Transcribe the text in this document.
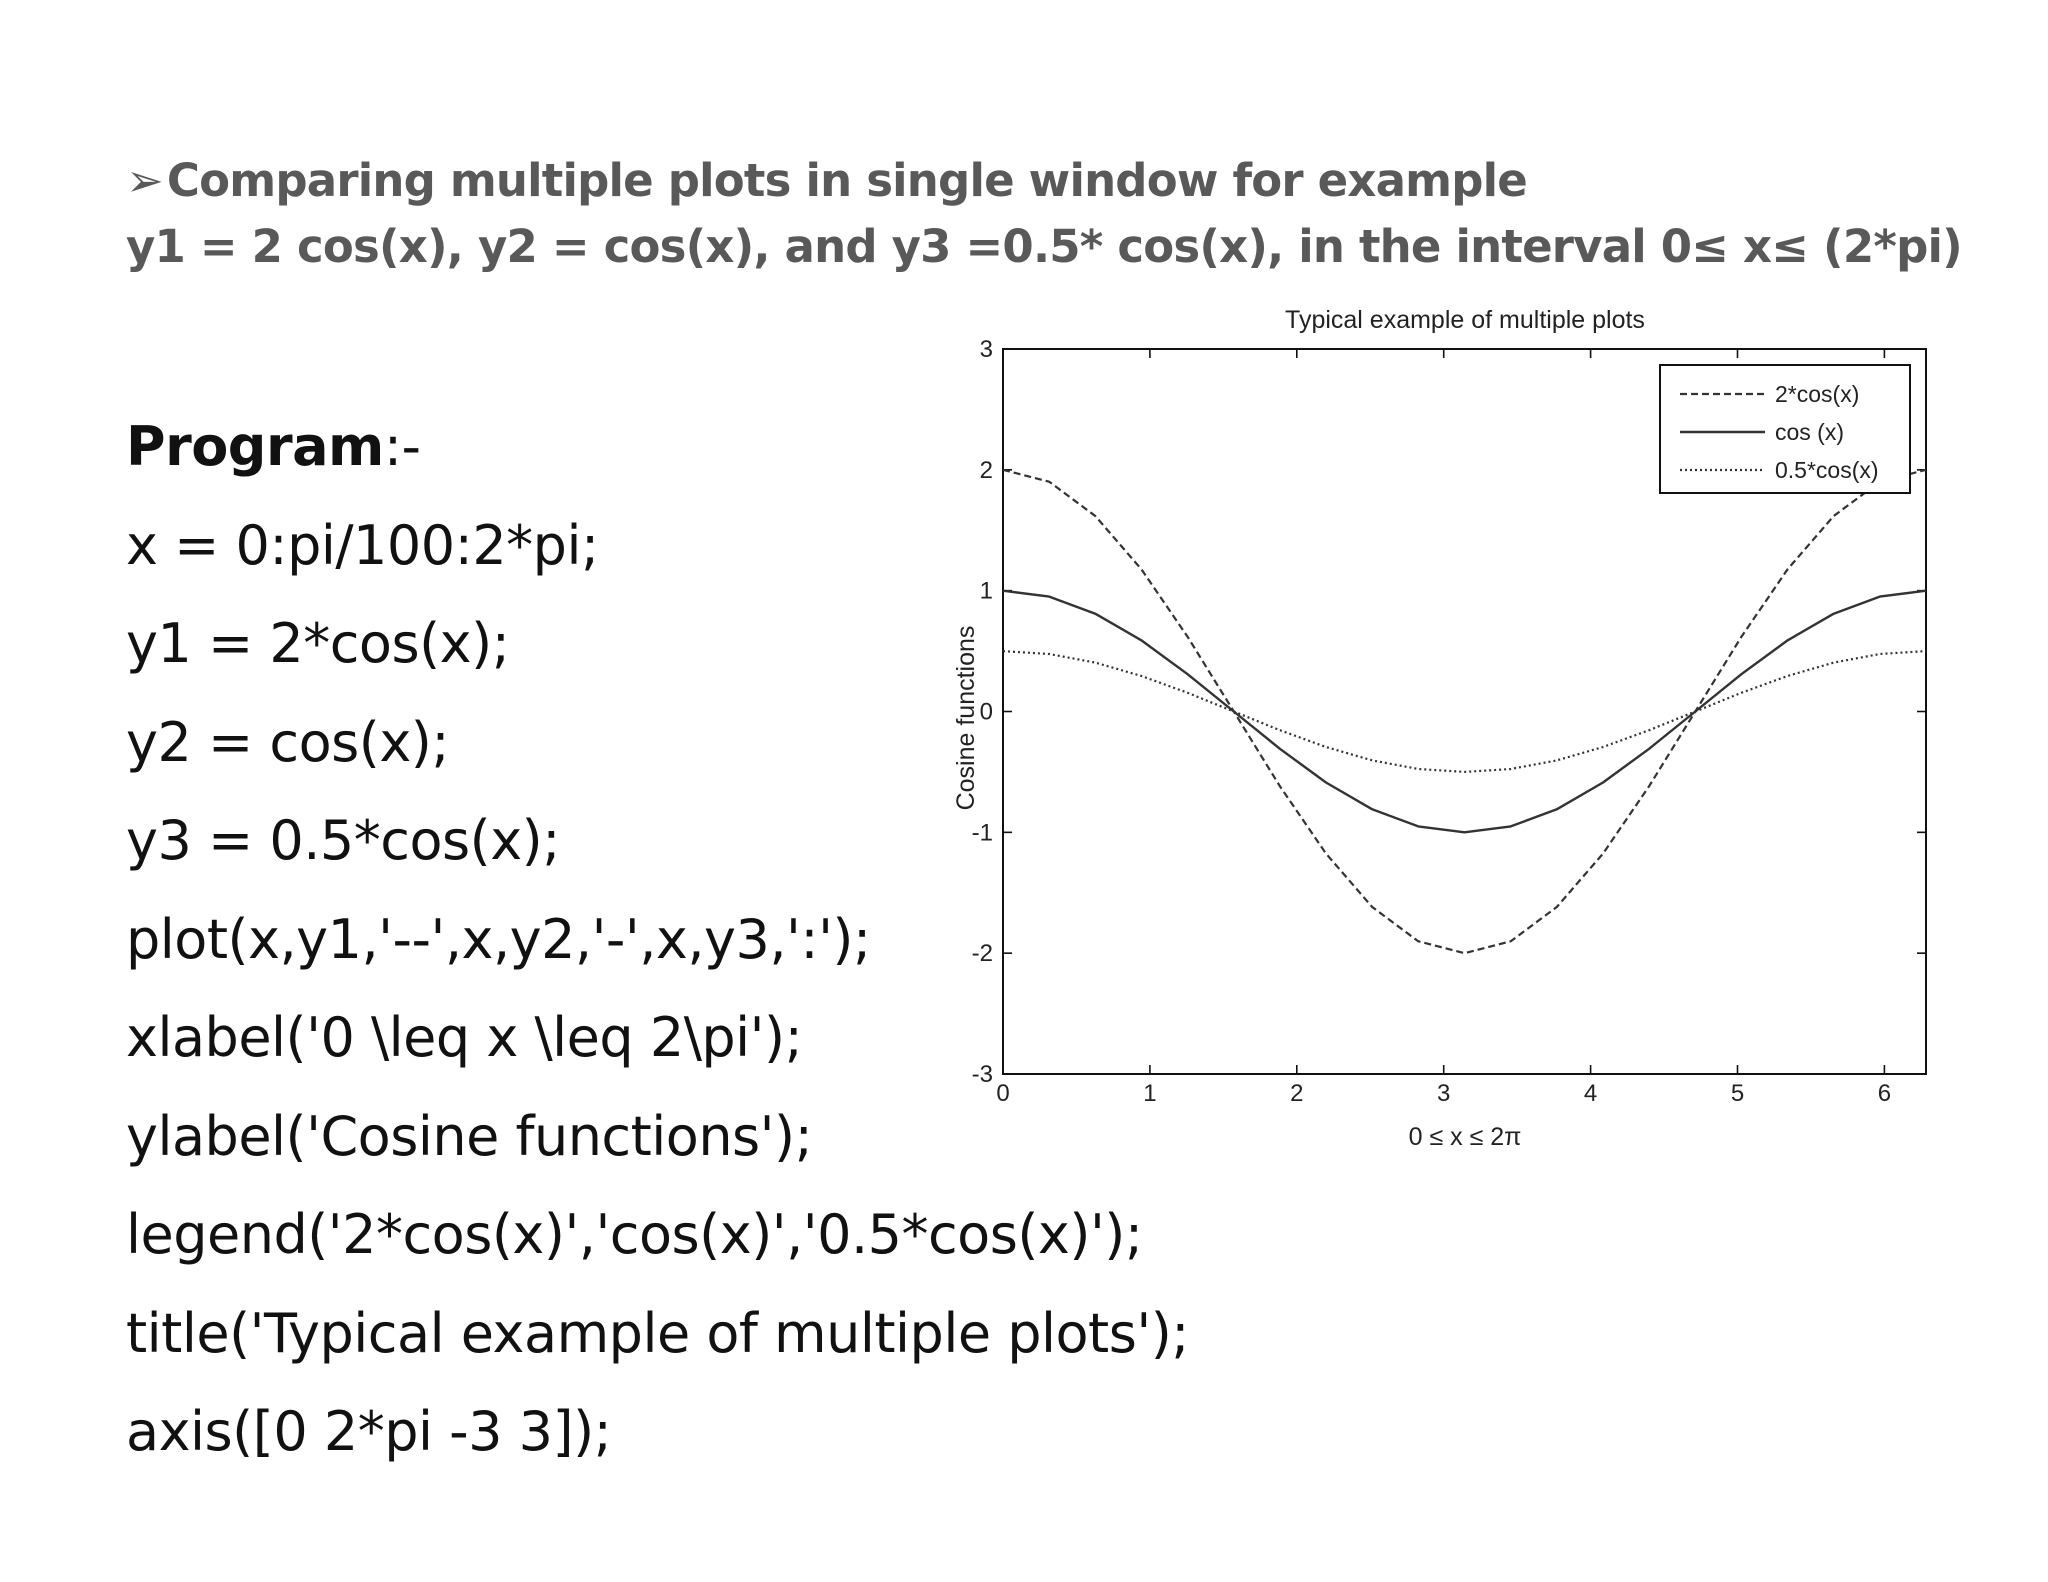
➢Comparing multiple plots in single window for example
y1 = 2 cos(x), y2 = cos(x), and y3 =0.5* cos(x), in the interval 0≤ x≤ (2*pi)
Program:-
x = 0:pi/100:2*pi;
y1 = 2*cos(x);
y2 = cos(x);
y3 = 0.5*cos(x);
plot(x,y1,'--',x,y2,'-',x,y3,':');
xlabel('0 \leq x \leq 2\pi');
ylabel('Cosine functions');
legend('2*cos(x)','cos(x)','0.5*cos(x)');
title('Typical example of multiple plots');
axis([0 2*pi -3 3]);
Typical example of multiple plots
0 ≤ x ≤ 2π
Cosine functions
0	1	2	3	4	5	6
-3
-2
-1
0
1
2
3
2*cos(x)
cos (x)
0.5*cos(x)
